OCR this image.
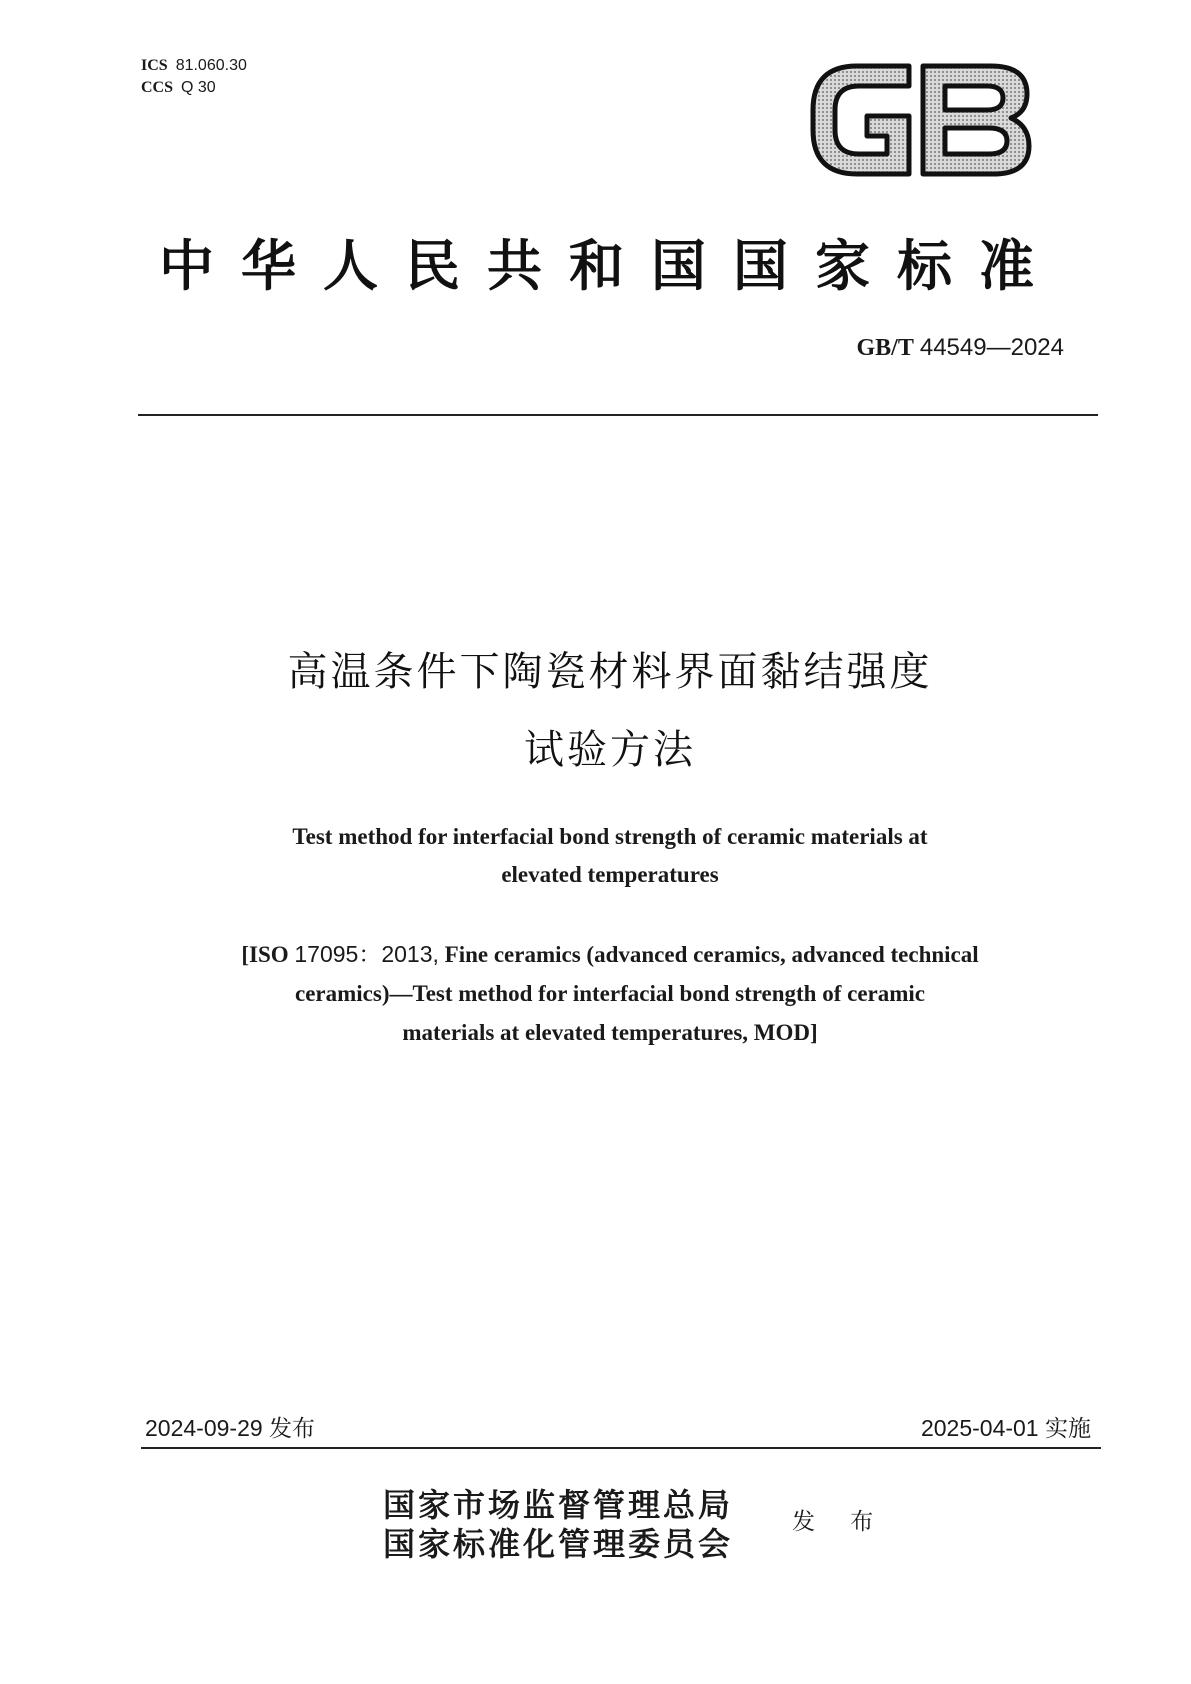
ICS 81.060.30
CCS Q 30
中华人民共和国国家标准
GB/T 44549—2024
高温条件下陶瓷材料界面黏结强度
试验方法
Test method for interfacial bond strength of ceramic materials at
elevated temperatures
[ISO 17095：2013, Fine ceramics (advanced ceramics, advanced technical
ceramics)—Test method for interfacial bond strength of ceramic
materials at elevated temperatures, MOD]
2024-09-29 发布	2025-04-01 实施
国家市场监督管理总局
国家标准化管理委员会
发 布
